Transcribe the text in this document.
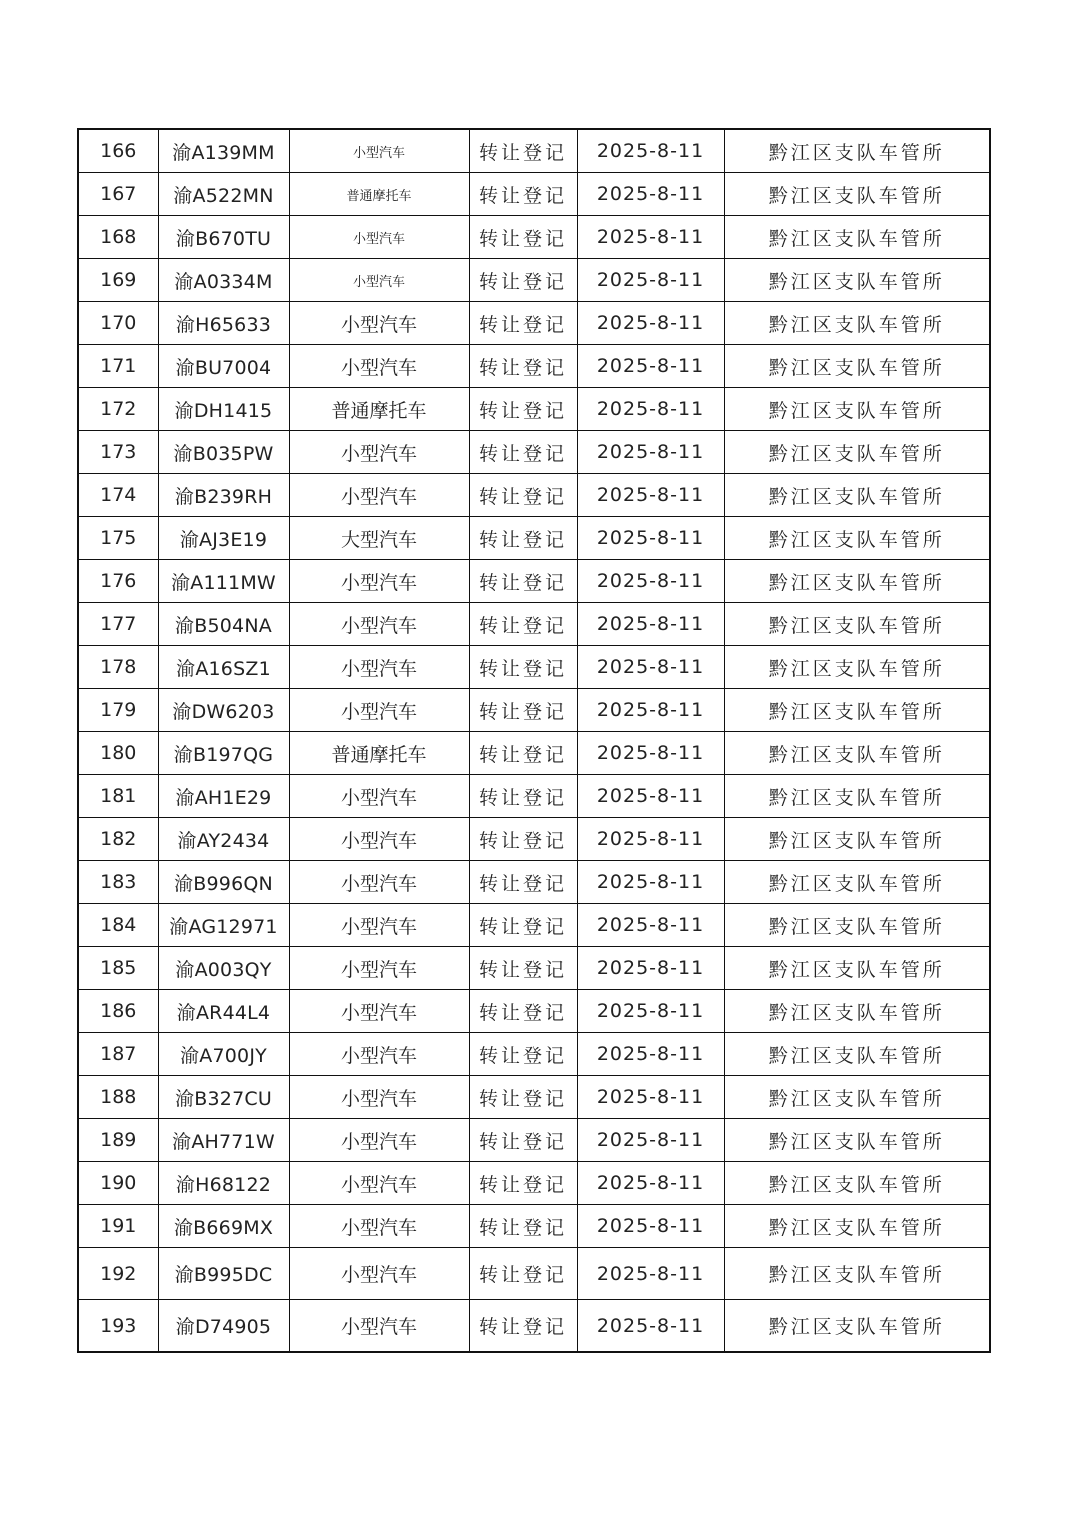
166	渝A139MM	小型汽车	转让登记	2025-8-11	黔江区支队车管所
167	渝A522MN	普通摩托车	转让登记	2025-8-11	黔江区支队车管所
168	渝B670TU	小型汽车	转让登记	2025-8-11	黔江区支队车管所
169	渝A0334M	小型汽车	转让登记	2025-8-11	黔江区支队车管所
170	渝H65633	小型汽车	转让登记	2025-8-11	黔江区支队车管所
171	渝BU7004	小型汽车	转让登记	2025-8-11	黔江区支队车管所
172	渝DH1415	普通摩托车	转让登记	2025-8-11	黔江区支队车管所
173	渝B035PW	小型汽车	转让登记	2025-8-11	黔江区支队车管所
174	渝B239RH	小型汽车	转让登记	2025-8-11	黔江区支队车管所
175	渝AJ3E19	大型汽车	转让登记	2025-8-11	黔江区支队车管所
176	渝A111MW	小型汽车	转让登记	2025-8-11	黔江区支队车管所
177	渝B504NA	小型汽车	转让登记	2025-8-11	黔江区支队车管所
178	渝A16SZ1	小型汽车	转让登记	2025-8-11	黔江区支队车管所
179	渝DW6203	小型汽车	转让登记	2025-8-11	黔江区支队车管所
180	渝B197QG	普通摩托车	转让登记	2025-8-11	黔江区支队车管所
181	渝AH1E29	小型汽车	转让登记	2025-8-11	黔江区支队车管所
182	渝AY2434	小型汽车	转让登记	2025-8-11	黔江区支队车管所
183	渝B996QN	小型汽车	转让登记	2025-8-11	黔江区支队车管所
184	渝AG12971	小型汽车	转让登记	2025-8-11	黔江区支队车管所
185	渝A003QY	小型汽车	转让登记	2025-8-11	黔江区支队车管所
186	渝AR44L4	小型汽车	转让登记	2025-8-11	黔江区支队车管所
187	渝A700JY	小型汽车	转让登记	2025-8-11	黔江区支队车管所
188	渝B327CU	小型汽车	转让登记	2025-8-11	黔江区支队车管所
189	渝AH771W	小型汽车	转让登记	2025-8-11	黔江区支队车管所
190	渝H68122	小型汽车	转让登记	2025-8-11	黔江区支队车管所
191	渝B669MX	小型汽车	转让登记	2025-8-11	黔江区支队车管所
192	渝B995DC	小型汽车	转让登记	2025-8-11	黔江区支队车管所
193	渝D74905	小型汽车	转让登记	2025-8-11	黔江区支队车管所
